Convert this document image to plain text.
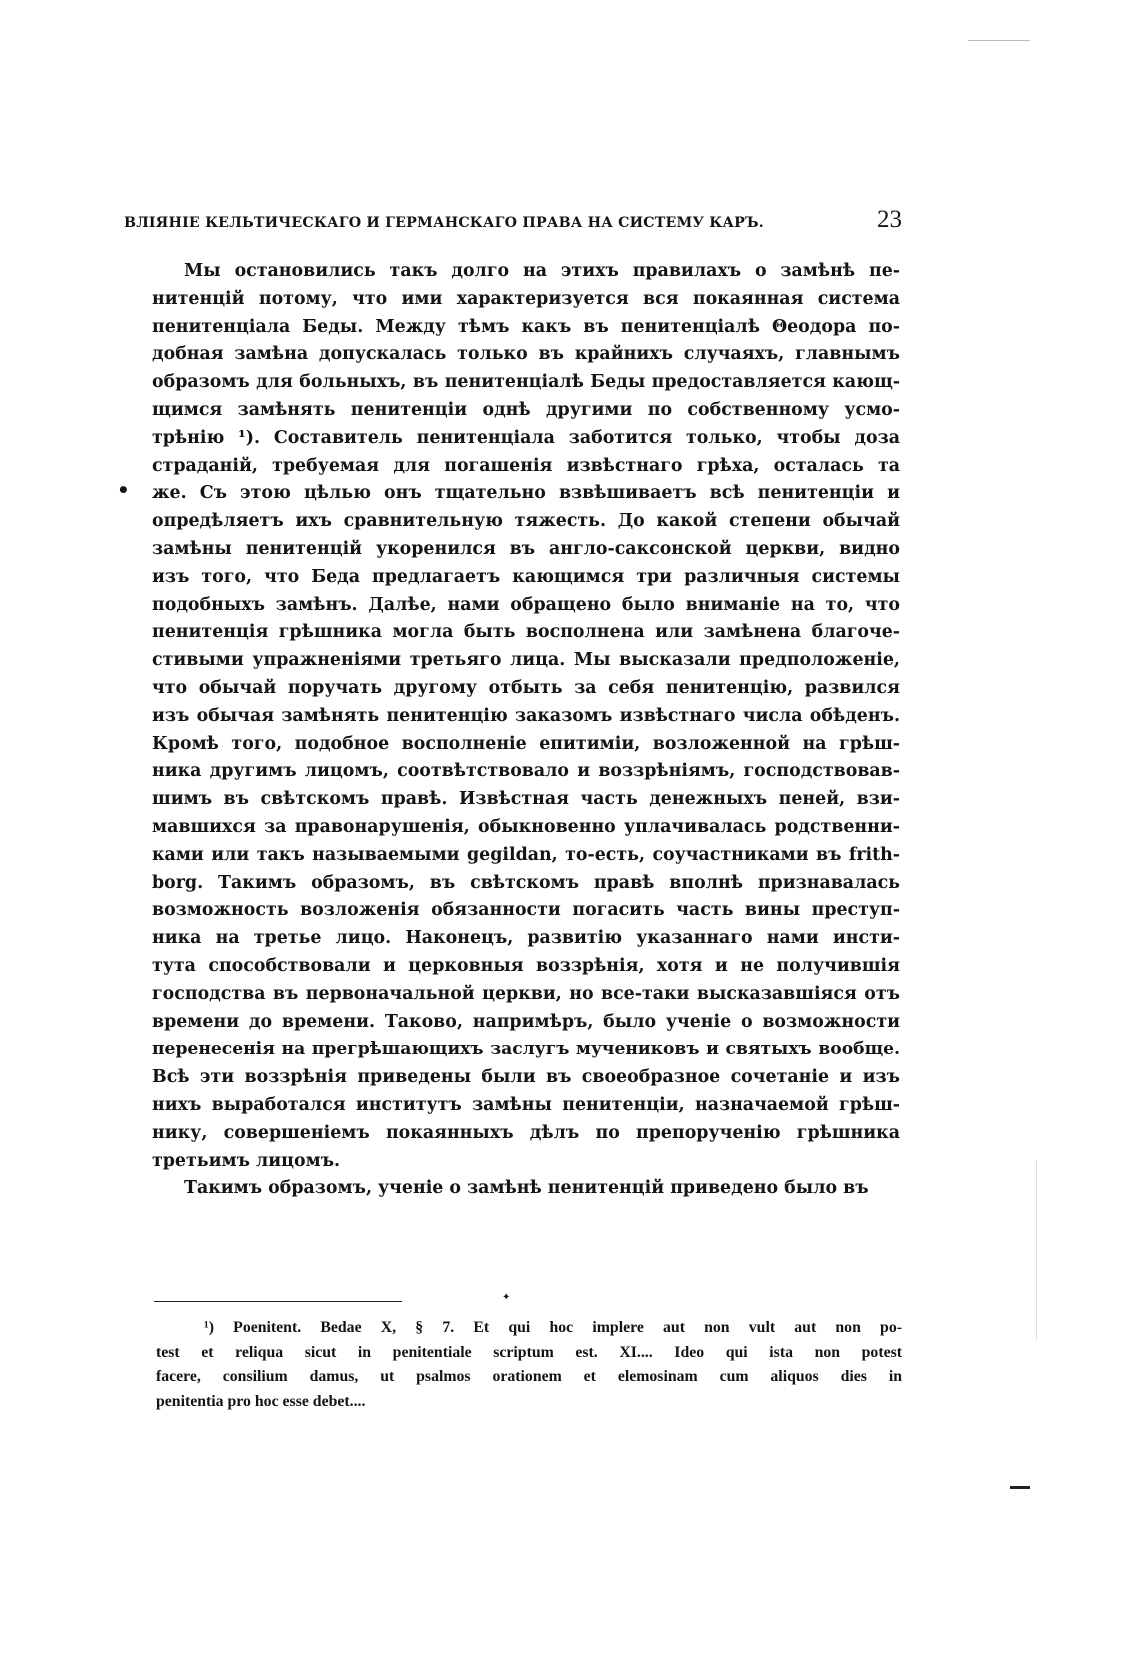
ВЛІЯНІЕ КЕЛЬТИЧЕСКАГО И ГЕРМАНСКАГО ПРАВА НА СИСТЕМУ КАРЪ.	23
•
Мы остановились такъ долго на этихъ правилахъ о замѣнѣ пе-
нитенцій потому, что ими характеризуется вся покаянная система
пенитенціала Беды. Между тѣмъ какъ въ пенитенціалѣ Θеодора по-
добная замѣна допускалась только въ крайнихъ случаяхъ, главнымъ
образомъ для больныхъ, въ пенитенціалѣ Беды предоставляется кающ-
щимся замѣнять пенитенціи однѣ другими по собственному усмо-
трѣнію ¹). Составитель пенитенціала заботится только, чтобы доза
страданій, требуемая для погашенія извѣстнаго грѣха, осталась та
же. Съ этою цѣлью онъ тщательно взвѣшиваетъ всѣ пенитенціи и
опредѣляетъ ихъ сравнительную тяжесть. До какой степени обычай
замѣны пенитенцій укоренился въ англо-саксонской церкви, видно
изъ того, что Беда предлагаетъ кающимся три различныя системы
подобныхъ замѣнъ. Далѣе, нами обращено было вниманіе на то, что
пенитенція грѣшника могла быть восполнена или замѣнена благоче-
стивыми упражненіями третьяго лица. Мы высказали предположеніе,
что обычай поручать другому отбыть за себя пенитенцію, развился
изъ обычая замѣнять пенитенцію заказомъ извѣстнаго числа обѣденъ.
Кромѣ того, подобное восполненіе епитиміи, возложенной на грѣш-
ника другимъ лицомъ, соотвѣтствовало и воззрѣніямъ, господствовав-
шимъ въ свѣтскомъ правѣ. Извѣстная часть денежныхъ пеней, взи-
мавшихся за правонарушенія, обыкновенно уплачивалась родственни-
ками или такъ называемыми gegildan, то-есть, соучастниками въ frith-
borg. Такимъ образомъ, въ свѣтскомъ правѣ вполнѣ признавалась
возможность возложенія обязанности погасить часть вины преступ-
ника на третье лицо. Наконецъ, развитію указаннаго нами инсти-
тута способствовали и церковныя воззрѣнія, хотя и не получившія
господства въ первоначальной церкви, но все-таки высказавшіяся отъ
времени до времени. Таково, напримѣръ, было ученіе о возможности
перенесенія на прегрѣшающихъ заслугъ мучениковъ и святыхъ вообще.
Всѣ эти воззрѣнія приведены были въ своеобразное сочетаніе и изъ
нихъ выработался институтъ замѣны пенитенціи, назначаемой грѣш-
нику, совершеніемъ покаянныхъ дѣлъ по препорученію грѣшника
третьимъ лицомъ.
Такимъ образомъ, ученіе о замѣнѣ пенитенцій приведено было въ
✦
¹) Poenitent. Bedae X, § 7. Et qui hoc implere aut non vult aut non po-
test et reliqua sicut in penitentiale scriptum est. XI.... Ideo qui ista non potest
facere, consilium damus, ut psalmos orationem et elemosinam cum aliquos dies in
penitentia pro hoc esse debet....
